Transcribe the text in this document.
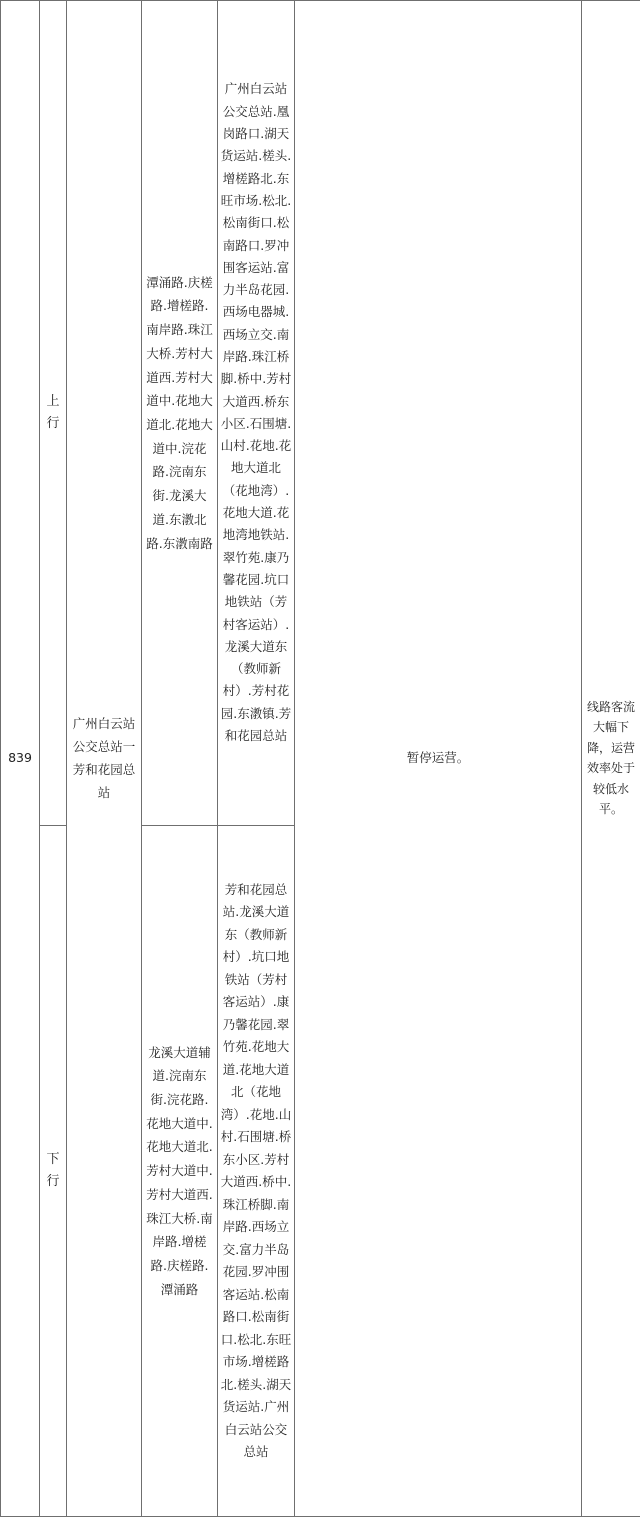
839	上行	广州白云站公交总站一芳和花园总站	潭涌路.庆槎路.增槎路.南岸路.珠江大桥.芳村大道西.芳村大道中.花地大道北.花地大道中.浣花路.浣南东街.龙溪大道.东漖北路.东漖南路	广州白云站公交总站.凰岗路口.湖天货运站.槎头.增槎路北.东旺市场.松北.松南街口.松南路口.罗冲围客运站.富力半岛花园.西场电器城.西场立交.南岸路.珠江桥脚.桥中.芳村大道西.桥东小区.石围塘.山村.花地.花地大道北（花地湾）.花地大道.花地湾地铁站.翠竹苑.康乃馨花园.坑口地铁站（芳村客运站）.龙溪大道东（教师新村）.芳村花园.东漖镇.芳和花园总站	暂停运营。	线路客流大幅下降，运营效率处于较低水平。
	下行		龙溪大道辅道.浣南东街.浣花路.花地大道中.花地大道北.芳村大道中.芳村大道西.珠江大桥.南岸路.增槎路.庆槎路.潭涌路	芳和花园总站.龙溪大道东（教师新村）.坑口地铁站（芳村客运站）.康乃馨花园.翠竹苑.花地大道.花地大道北（花地湾）.花地.山村.石围塘.桥东小区.芳村大道西.桥中.珠江桥脚.南岸路.西场立交.富力半岛花园.罗冲围客运站.松南路口.松南街口.松北.东旺市场.增槎路北.槎头.湖天货运站.广州白云站公交总站		
